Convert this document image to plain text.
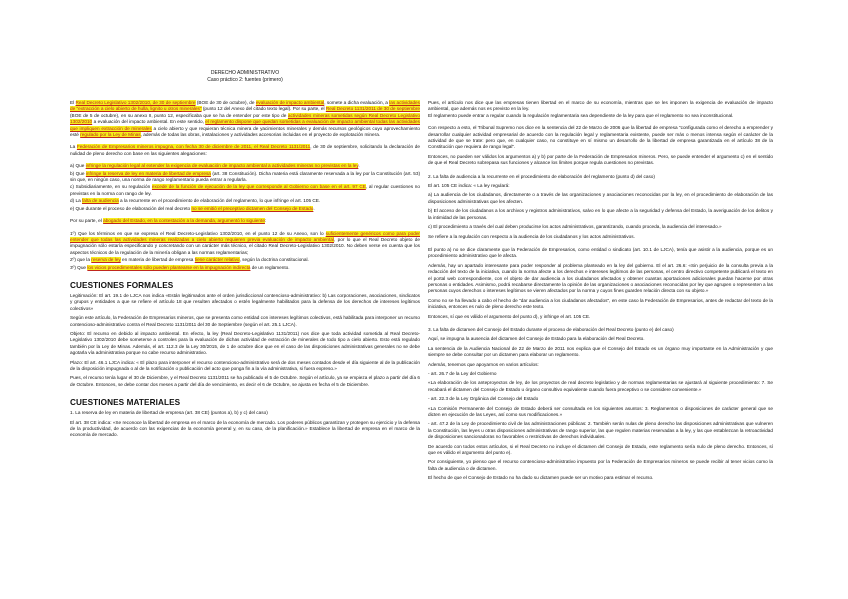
DERECHO ADMINISTRATIVO
Caso práctico 2: fuentes (primero)

El Real Decreto Legislativo 1302/2010, de 30 de septiembre (BOE de 30 de octubre), de evaluación de impacto ambiental, somete a dicha evaluación, a las actividades de "extracción a cielo abierto de hulla, lignito u otros minerales" (punto 12 del Anexo del citado texto legal). Por su parte, el Real Decreto 1131/2011 de 30 de septiembre (BOE de 5 de octubre), en su anexo II, punto 12, especificaba que se ha de entender por este tipo de actividades mineras sometidas según Real Decreto Legislativo 1302/2010 a evaluación del impacto ambiental. En este sentido, el reglamento dispone que quedan sometidas a evaluación de impacto ambiental todas las actividades que impliquen extracción de minerales a cielo abierto y que requieran técnica minera de yacimientos minerales y demás recursos geológicos cuyo aprovechamiento esté regulado por la Ley de Minas, además de todas las obras, instalaciones y actividades accesorias incluidas en el proyecto de explotación minera.

La Federación de Empresarios mineros impugna, con fecha 30 de diciembre de 2011, el Real Decreto 1131/2011, de 30 de septiembre, solicitando la declaración de nulidad de pleno derecho con base en las siguientes alegaciones:

a) Que infringe la regulación legal al extender la exigencia de evaluación de impacto ambiental a actividades mineras no previstas en la ley.

b) Que infringe la reserva de ley en materia de libertad de empresa (art. 38 Constitución). Dicha materia está claramente reservada a la ley por la Constitución (art. 53) sin que, en ningún caso, una norma de rango reglamentario pueda entrar a regularla.

c) Subsidiariamente, en su regulación excede de la función de ejecución de la ley que corresponde al Gobierno con base en el art. 97 CE, al regular cuestiones no previstas en la norma con rango de ley.

d) La falta de audiencia a la recurrente en el procedimiento de elaboración del reglamento, lo que infringe el art. 105 CE.

e) Que durante el proceso de elaboración del real decreto no se emitió el preceptivo dictamen del Consejo de Estado.

Por su parte, el abogado del Estado, en la contestación a la demanda, argumentó lo siguiente:

1º) Que los términos en que se expresa el Real Decreto-Legislativo 1302/2010, en el punto 12 de su Anexo, son lo suficientemente genéricos como para poder entender que todas las actividades mineras realizadas a cielo abierto requieren previa evaluación de impacto ambiental, por lo que el Real Decreto objeto de impugnación sólo estaría especificando y concretando con un carácter más técnico, el citado Real Decreto-Legislativo 1302/2010. No deben verse en cuenta que los aspectos técnicos de la regulación de la minería obligan a las normas reglamentarias;

2º) que la reserva de ley en materia de libertad de empresa tiene carácter relativo, según la doctrina constitucional.

3º) Que los vicios procedimentales sólo pueden plantearse en la impugnación indirecta de un reglamento.

CUESTIONES FORMALES

Legitimación: El art. 19.1 de LJCA nos indica «Están legitimados ante el orden jurisdiccional contencioso-administrativo: b) Las corporaciones, asociaciones, sindicatos y grupos y entidades a que se refiere el artículo 18 que resulten afectados o estén legalmente habilitados para la defensa de los derechos de intereses legítimos colectivos»

Según este artículo, la Federación de Empresarios mineros, que se presenta como entidad con intereses legítimos colectivos, está habilitada para interponer un recurso contencioso-administrativo contra el Real Decreto 1131/2011 del 30 de Septiembre (según el art. 25.1 LJCA).

Objeto: El recurso en debido al impacto ambiental. En efecto, la ley (Real Decreto-Legislativo 1131/2011) nos dice que toda actividad sometida al Real Decreto-Legislativo 1302/2010 debe someterse a controles para la evaluación de dichas actividad de extracción de minerales de todo tipo a cielo abierto. Esto está regulado también por la Ley de Minas. Además, el art. 112.3 de la Ley 30/2015, de 1 de octubre dice que en el caso de las disposiciones administrativas generales no se debe agotarla vía administrativa porque no cabe recurso administrativo.

Plazo: El art. 46.1 LJCA indica: « El plazo para interponer el recurso contencioso-administrativo será de dos meses contados desde el día siguiente al de la publicación de la disposición impugnada o al de la notificación o publicación del acto que ponga fin a la vía administrativa, si fuera expreso.»

Pues, el recurso tenía lugar el 30 de Diciembre, y el Real Decreto 1131/2011 se ha publicado el 5 de Octubre. Según el artículo, ya se empieza el plazo a partir del día 6 de Octubre. Entonces, se debe contar dos meses a partir del día de vencimiento, es decir el 6 de Octubre, se ajusta en fecha el 5 de Diciembre.

CUESTIONES MATERIALES

1. La reserva de ley en materia de libertad de empresa (art. 38 CE) (puntos a), b) y c) del caso)

El art. 38 CE indica: «Se reconoce la libertad de empresa en el marco de la economía de mercado. Los poderes públicos garantizan y protegen su ejercicio y la defensa de la productividad, de acuerdo con las exigencias de la economía general y, en su caso, de la planificación.» Establece la libertad de empresa en el marco de la economía de mercado.

Pues, el artículo nos dice que las empresas tienen libertad en el marco de su economía, mientras que se les imponen la exigencia de evaluación de impacto ambiental, que además nos es previsto en la ley.
El reglamento puede entrar a regular cuando la regulación reglamentaria sea dependiente de la ley para que el reglamento no sea inconstitucional.

Con respecto a esto, el Tribunal Supremo nos dice en la sentencia del 22 de Marzo de 2006 que la libertad de empresa "configurada como el derecho a emprender y desarrollar cualquier actividad empresarial de acuerdo con la regulación legal y reglamentaria existente, puede ser más o menos intensa según el carácter de la actividad de que se trate: pero que, en cualquier caso, no constituye en sí mismo un desarrollo de la libertad de empresa garantizada en el artículo 38 de la Constitución que requiera de rango legal".

Entonces, no pueden ser válidos los argumentos a) y b) por parte de la Federación de Empresarios mineros. Pero, se puede entender el argumento c) en el sentido de que el Real Decreto sobrepasa sus funciones y alcance los límites porque regula cuestiones no previstas.

2. La falta de audiencia a la recurrente en el procedimiento de elaboración del reglamento (punto d) del caso)

El art. 105 CE indica: « La ley regulará:

a) La audiencia de los ciudadanos, directamente o a través de las organizaciones y asociaciones reconocidas por la ley, en el procedimiento de elaboración de las disposiciones administrativas que les afecten.

b) El acceso de los ciudadanos a los archivos y registros administrativos, salvo en lo que afecte a la seguridad y defensa del Estado, la averiguación de los delitos y la intimidad de las personas.

c) El procedimiento a través del cual deben producirse los actos administrativos, garantizando, cuando proceda, la audiencia del interesado.»

Se refiere a la regulación con respecto a la audiencia de los ciudadanos y los actos administrativos.

El punto a) no se dice claramente que la Federación de Empresarios, como entidad o sindicato (art. 10.1 de LJCA), tenía que asistir a la audiencia, porque es un procedimiento administrativo que le afecta.

Además, hay un apartado interesante para poder responder al problema planteado en la ley del gobierno. El el art. 26.6: «Sin perjuicio de la consulta previa a la redacción del texto de la iniciativa, cuando la norma afecte a los derechos e intereses legítimos de las personas, el centro directivo competente publicará el texto en el portal web correspondiente, con el objeto de dar audiencia a los ciudadanos afectados y obtener cuantas aportaciones adicionales puedan hacerse por otras personas o entidades. Asimismo, podrá recabarse directamente la opinión de las organizaciones o asociaciones reconocidas por ley que agrupen o representen a las personas cuyos derechos o intereses legítimos se vieren afectados por la norma y cuyos fines guarden relación directa con su objeto.»

Como no se ha llevado a cabo el hecho de "dar audiencia a los ciudadanos afectados", en este caso la Federación de Empresarios, antes de redactar del texto de la iniciativa, entonces es nulo de pleno derecho este texto.

Entonces, sí que es válido el argumento del punto d), y infringe el art. 105 CE.

3. La falta de dictamen del Consejo del Estado durante el proceso de elaboración del Real Decreto (punto e) del caso)

Aquí, se impugna la ausencia del dictamen del Consejo de Estado para la elaboración del Real Decreto.

La sentencia de la Audiencia Nacional de 22 de Marzo de 2011 nos explica que el Consejo del Estado es un órgano muy importante en la Administración y que siempre se debe consultar por un dictamen para elaborar un reglamento.

Además, tenemos que apoyarnos en varios artículos:

- art. 26.7 de la Ley del Gobierno

«La elaboración de los anteproyectos de ley, de los proyectos de real decreto legislativo y de normas reglamentarias se ajustará al siguiente procedimiento: 7. Se recabará el dictamen del Consejo de Estado u órgano consultivo equivalente cuando fuera preceptivo o se considere conveniente.»

- art. 22.3 de la Ley Orgánica del Consejo del Estado

«La Comisión Permanente del Consejo de Estado deberá ser consultada en los siguientes asuntos: 3. Reglamentos o disposiciones de carácter general que se dicten en ejecución de las Leyes, así como sus modificaciones.»

- art. 47.2 de la Ley de procedimiento civil de las administraciones públicas: 2. También serán nulas de pleno derecho las disposiciones administrativas que vulneren la Constitución, las leyes u otras disposiciones administrativas de rango superior, las que regulen materias reservadas a la ley, y las que establezcan la retroactividad de disposiciones sancionadoras no favorables o restrictivas de derechos individuales.

De acuerdo con todos estos artículos, si el Real Decreto no incluye el dictamen del Consejo de Estado, este reglamento sería nulo de pleno derecho. Entonces, sí que es válido el argumento del punto e).

Por consiguiente, yo pienso que el recurso contencioso-administrativo impuesto por la Federación de Empresarios mineros se puede recibir al tener vicios como la falta de audiencia o de dictamen.

El hecho de que el Consejo de Estado no ha dado su dictamen puede ser un motivo para estimar el recurso.
